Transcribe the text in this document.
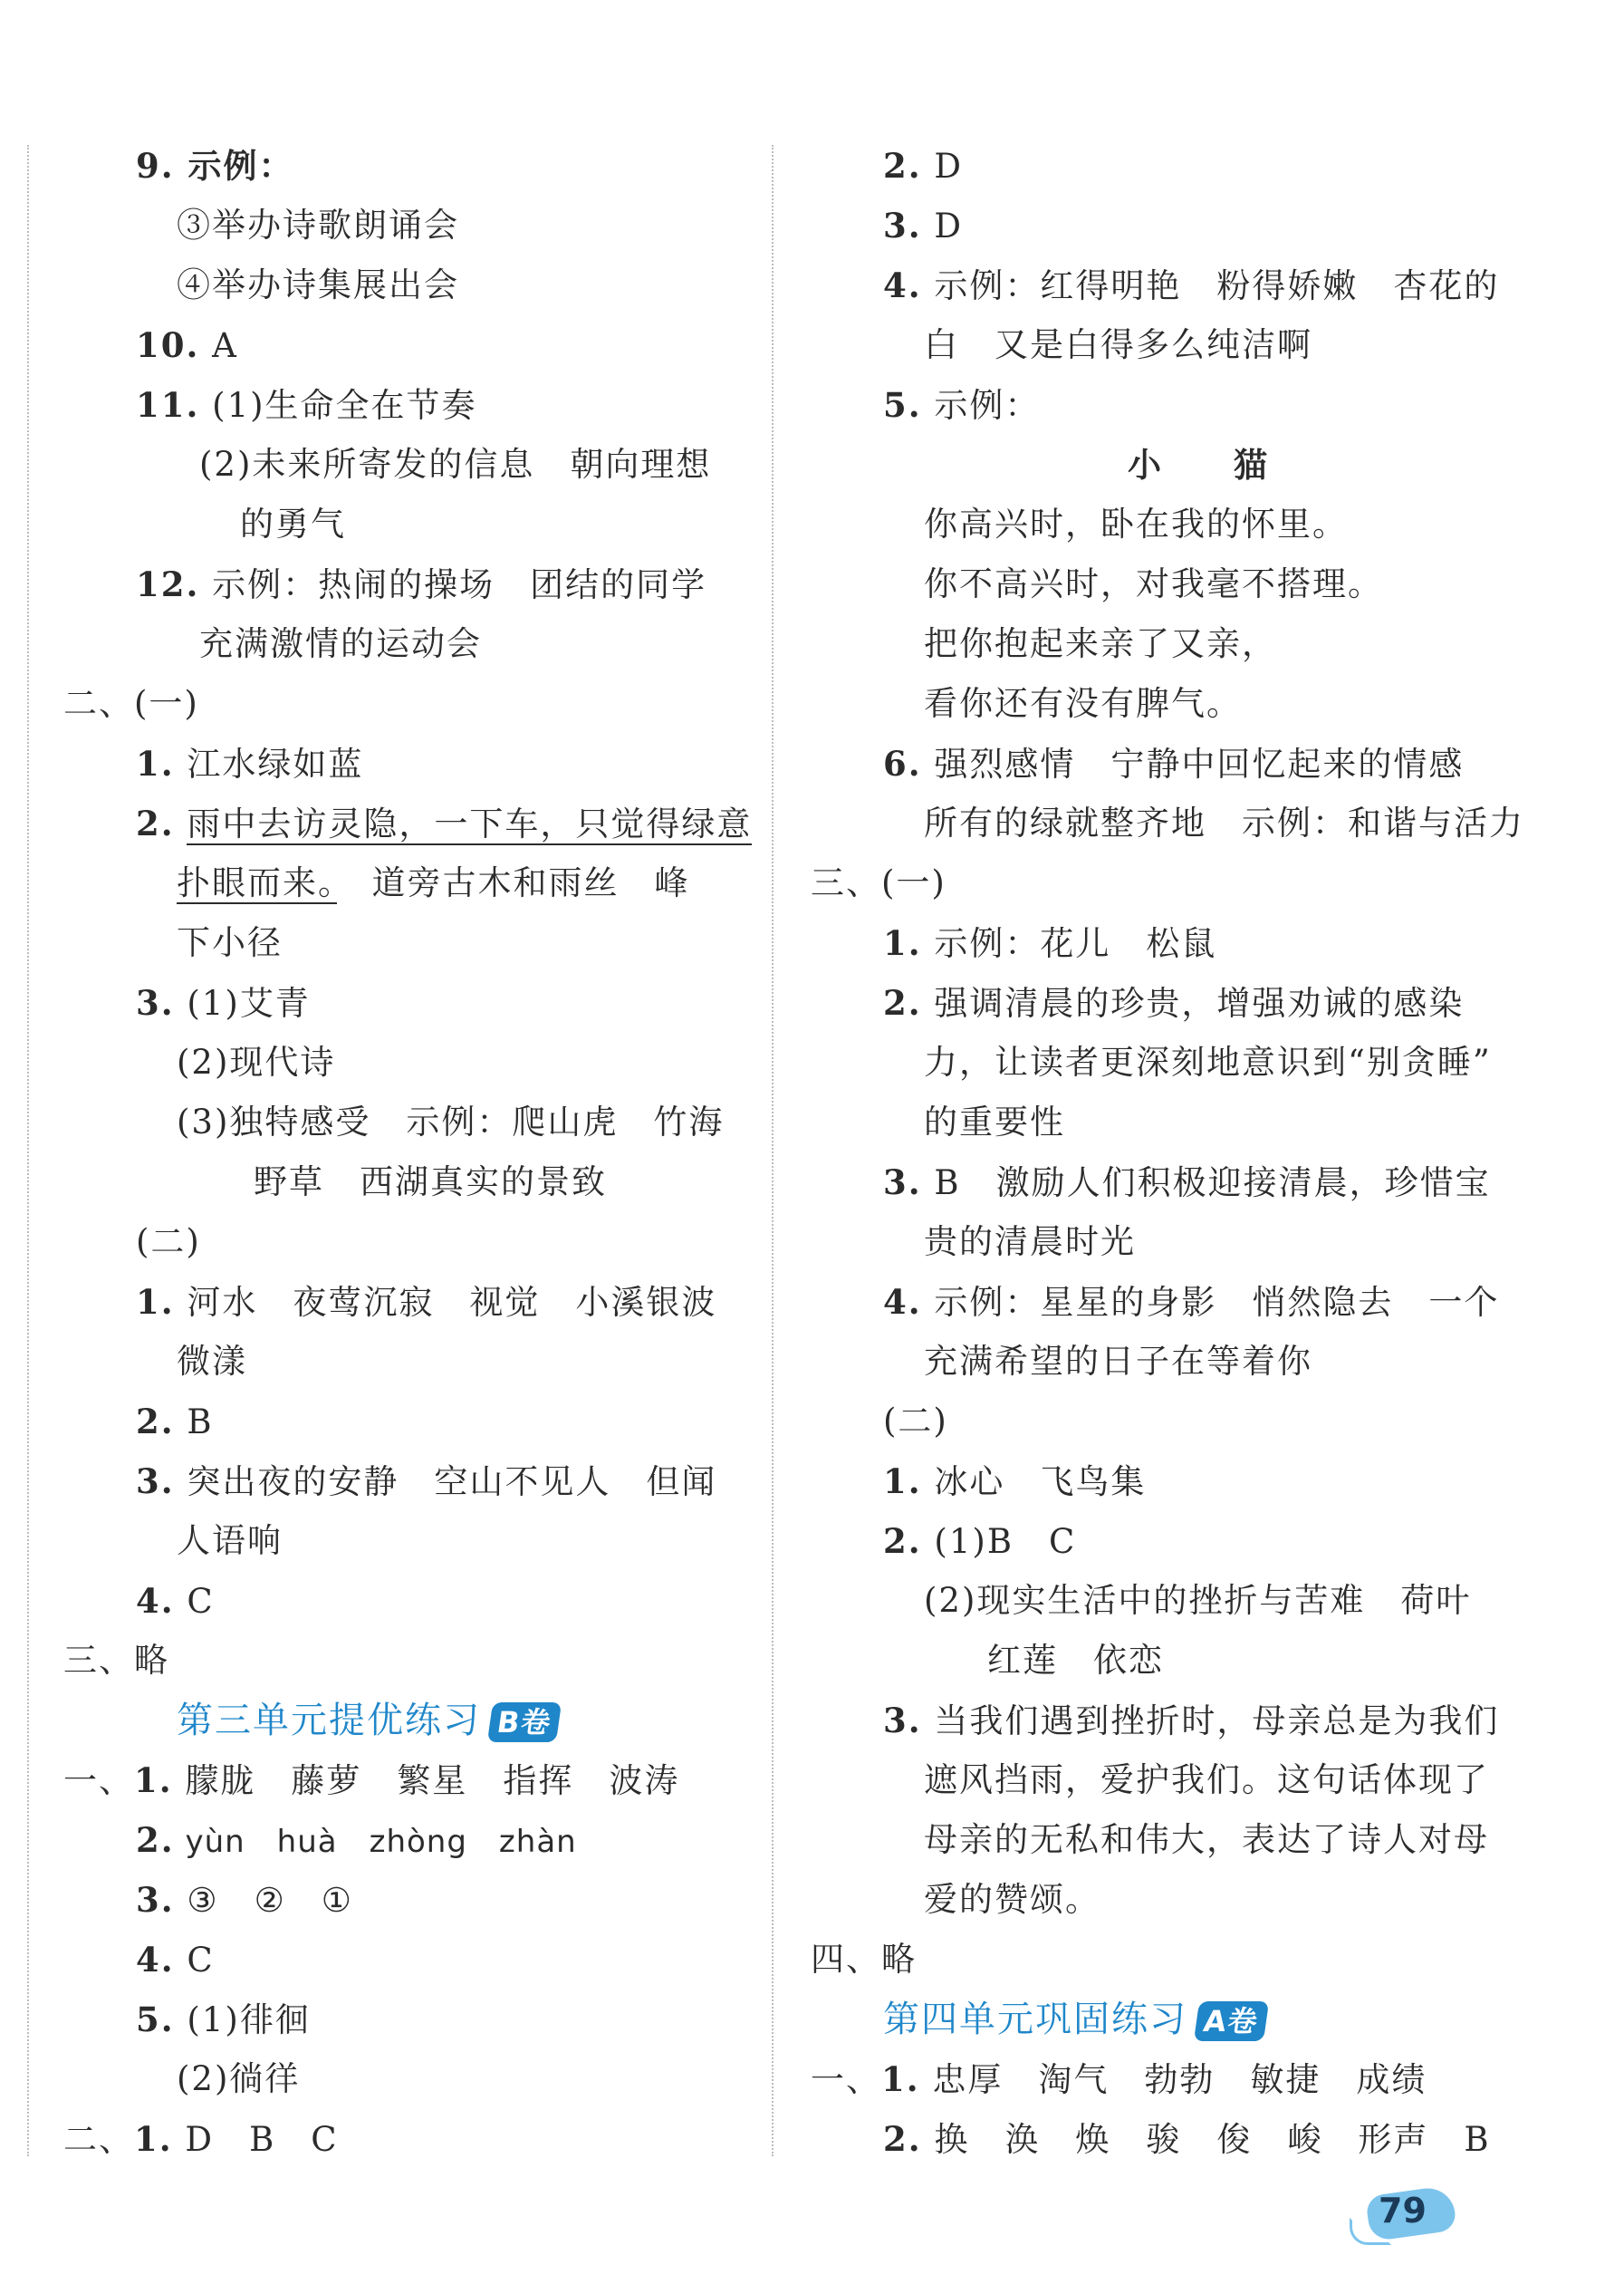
9. 示例：
③举办诗歌朗诵会
④举办诗集展出会
10. A
11. (1)生命全在节奏
(2)未来所寄发的信息　朝向理想
的勇气
12. 示例：热闹的操场　团结的同学
充满激情的运动会
二、(一)
1. 江水绿如蓝
2. 雨中去访灵隐，一下车，只觉得绿意
扑眼而来。　道旁古木和雨丝　峰
下小径
3. (1)艾青
(2)现代诗
(3)独特感受　示例：爬山虎　竹海
野草　西湖真实的景致
(二)
1. 河水　夜莺沉寂　视觉　小溪银波
微漾
2. B
3. 突出夜的安静　空山不见人　但闻
人语响
4. C
三、略
第三单元提优练习 B卷
一、1. 朦胧　藤萝　繁星　指挥　波涛
2. yùn　huà　zhòng　zhàn
3. ③　②　①
4. C
5. (1)徘徊
(2)徜徉
二、1. D　B　C
2. D
3. D
4. 示例：红得明艳　粉得娇嫩　杏花的
白　又是白得多么纯洁啊
5. 示例：
小　　猫
你高兴时，卧在我的怀里。
你不高兴时，对我毫不搭理。
把你抱起来亲了又亲，
看你还有没有脾气。
6. 强烈感情　宁静中回忆起来的情感
所有的绿就整齐地　示例：和谐与活力
三、(一)
1. 示例：花儿　松鼠
2. 强调清晨的珍贵，增强劝诫的感染
力，让读者更深刻地意识到“别贪睡”
的重要性
3. B　激励人们积极迎接清晨，珍惜宝
贵的清晨时光
4. 示例：星星的身影　悄然隐去　一个
充满希望的日子在等着你
(二)
1. 冰心　飞鸟集
2. (1)B　C
(2)现实生活中的挫折与苦难　荷叶
红莲　依恋
3. 当我们遇到挫折时，母亲总是为我们
遮风挡雨，爱护我们。这句话体现了
母亲的无私和伟大，表达了诗人对母
爱的赞颂。
四、略
第四单元巩固练习 A卷
一、1. 忠厚　淘气　勃勃　敏捷　成绩
2. 换　涣　焕　骏　俊　峻　形声　B
79
